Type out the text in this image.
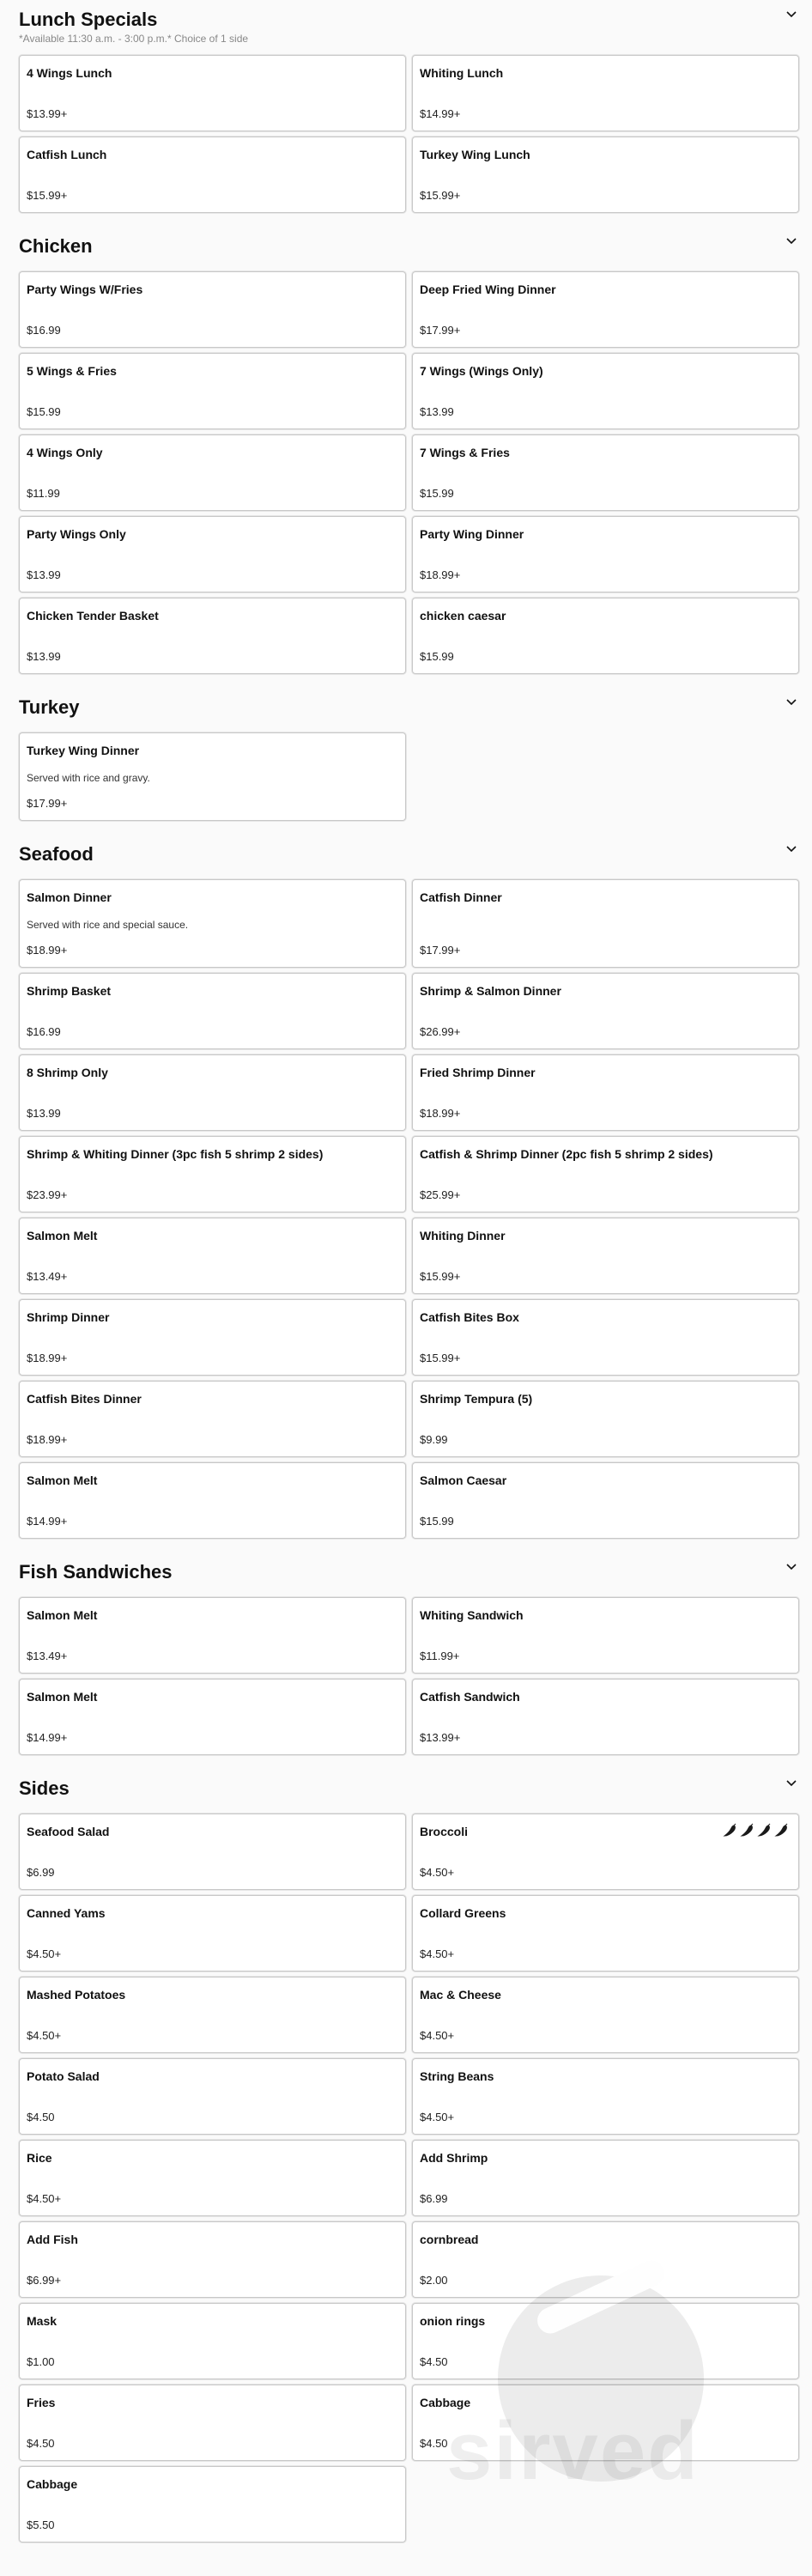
Lunch Specials
*Available 11:30 a.m. - 3:00 p.m.* Choice of 1 side
4 Wings Lunch
$13.99+
Whiting Lunch
$14.99+
Catfish Lunch
$15.99+
Turkey Wing Lunch
$15.99+
Chicken
Party Wings W/Fries
$16.99
Deep Fried Wing Dinner
$17.99+
5 Wings & Fries
$15.99
7 Wings (Wings Only)
$13.99
4 Wings Only
$11.99
7 Wings & Fries
$15.99
Party Wings Only
$13.99
Party Wing Dinner
$18.99+
Chicken Tender Basket
$13.99
chicken caesar
$15.99
Turkey
Turkey Wing Dinner
Served with rice and gravy.
$17.99+
Seafood
Salmon Dinner
Served with rice and special sauce.
$18.99+
Catfish Dinner
$17.99+
Shrimp Basket
$16.99
Shrimp & Salmon Dinner
$26.99+
8 Shrimp Only
$13.99
Fried Shrimp Dinner
$18.99+
Shrimp & Whiting Dinner (3pc fish 5 shrimp 2 sides)
$23.99+
Catfish & Shrimp Dinner (2pc fish 5 shrimp 2 sides)
$25.99+
Salmon Melt
$13.49+
Whiting Dinner
$15.99+
Shrimp Dinner
$18.99+
Catfish Bites Box
$15.99+
Catfish Bites Dinner
$18.99+
Shrimp Tempura (5)
$9.99
Salmon Melt
$14.99+
Salmon Caesar
$15.99
Fish Sandwiches
Salmon Melt
$13.49+
Whiting Sandwich
$11.99+
Salmon Melt
$14.99+
Catfish Sandwich
$13.99+
Sides
Seafood Salad
$6.99
Broccoli
$4.50+
Canned Yams
$4.50+
Collard Greens
$4.50+
Mashed Potatoes
$4.50+
Mac & Cheese
$4.50+
Potato Salad
$4.50
String Beans
$4.50+
Rice
$4.50+
Add Shrimp
$6.99
Add Fish
$6.99+
cornbread
$2.00
Mask
$1.00
onion rings
$4.50
Fries
$4.50
Cabbage
$4.50
Cabbage
$5.50
sirved
